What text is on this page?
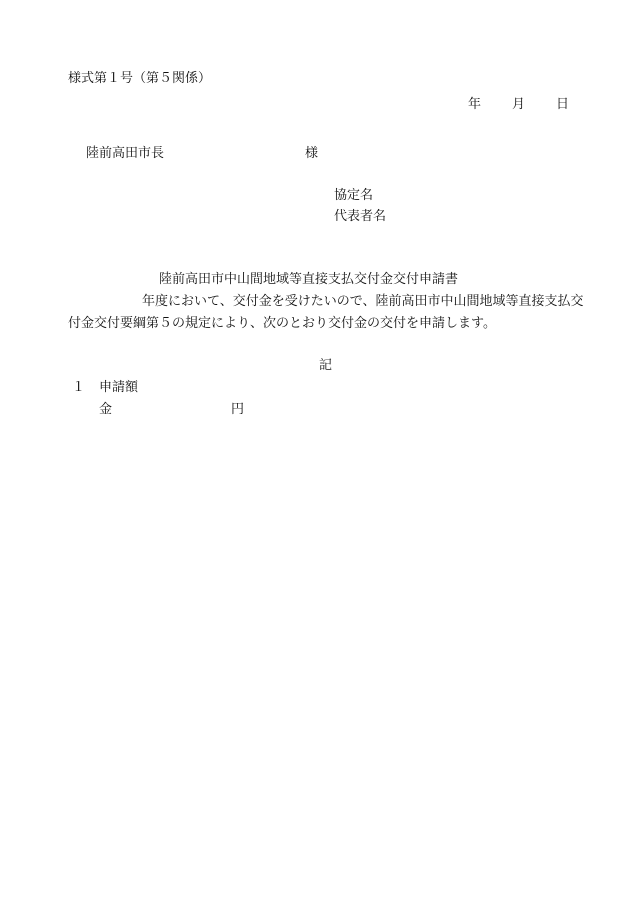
様式第１号（第５関係）
年 月 日
陸前高田市長	様
協定名
代表者名
陸前高田市中山間地域等直接支払交付金交付申請書
年度において、交付金を受けたいので、陸前高田市中山間地域等直接支払交付金交付要綱第５の規定により、次のとおり交付金の交付を申請します。
記
１ 申請額
金	円
